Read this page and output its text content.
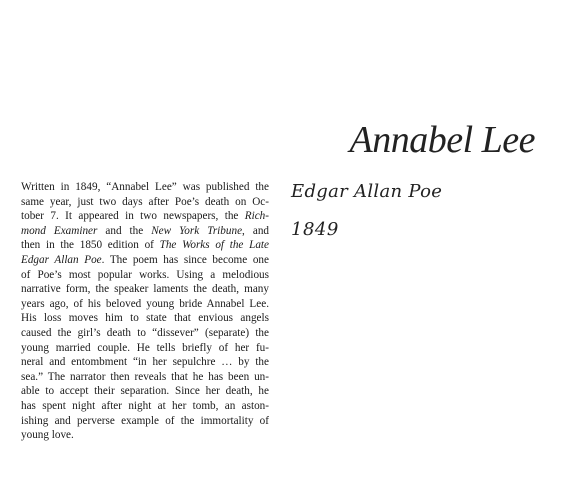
Annabel Lee
Edgar Allan Poe
1849
Written in 1849, “Annabel Lee” was published the
same year, just two days after Poe’s death on Oc-
tober 7. It appeared in two newspapers, the Rich-
mond Examiner and the New York Tribune, and
then in the 1850 edition of The Works of the Late
Edgar Allan Poe. The poem has since become one
of Poe’s most popular works. Using a melodious
narrative form, the speaker laments the death, many
years ago, of his beloved young bride Annabel Lee.
His loss moves him to state that envious angels
caused the girl’s death to “dissever” (separate) the
young married couple. He tells briefly of her fu-
neral and entombment “in her sepulchre … by the
sea.” The narrator then reveals that he has been un-
able to accept their separation. Since her death, he
has spent night after night at her tomb, an aston-
ishing and perverse example of the immortality of
young love.
